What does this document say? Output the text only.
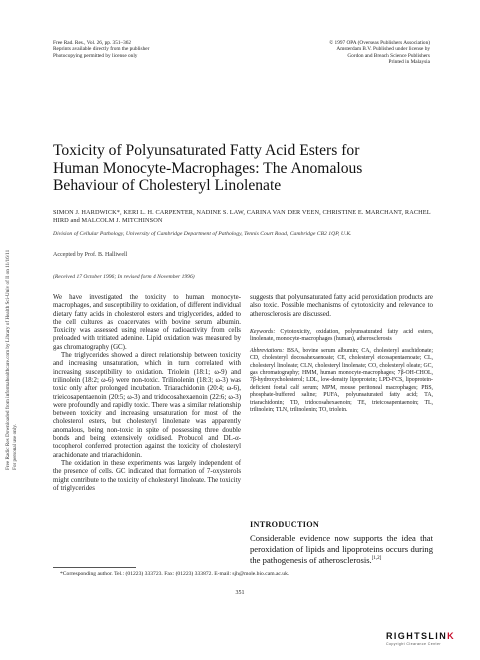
Free Radic Res Downloaded from informahealthcare.com by Library of Health Sci-Univ of Il on 11/16/11 For personal use only.
Free Rad. Res., Vol. 26, pp. 351–362
Reprints available directly from the publisher
Photocopying permitted by license only
© 1997 OPA (Overseas Publishers Association)
Amsterdam B.V. Published under license by
Gordon and Breach Science Publishers
Printed in Malaysia
Toxicity of Polyunsaturated Fatty Acid Esters for
Human Monocyte-Macrophages: The Anomalous
Behaviour of Cholesteryl Linolenate
SIMON J. HARDWICK*, KERI L. H. CARPENTER, NADINE S. LAW, CARINA VAN DER VEEN, CHRISTINE E. MARCHANT, RACHEL HIRD and MALCOLM J. MITCHINSON
Division of Cellular Pathology, University of Cambridge Department of Pathology, Tennis Court Road, Cambridge CB2 1QP, U.K.
Accepted by Prof. B. Halliwell
(Received 17 October 1996; In revised form 4 November 1996)

We have investigated the toxicity to human monocyte-macrophages, and susceptibility to oxidation, of different individual dietary fatty acids in cholesterol esters and triglycerides, added to the cell cultures as coacervates with bovine serum albumin. Toxicity was assessed using release of radioactivity from cells preloaded with tritiated adenine. Lipid oxidation was measured by gas chromatography (GC).

The triglycerides showed a direct relationship between toxicity and increasing unsaturation, which in turn correlated with increasing susceptibility to oxidation. Triolein (18:1; ω-9) and trilinolein (18:2; ω-6) were non-toxic. Trilinolenin (18:3; ω-3) was toxic only after prolonged incubation. Triarachidonin (20:4; ω-6), trieicosapentaenoin (20:5; ω-3) and tridocosahexaenoin (22:6; ω-3) were profoundly and rapidly toxic. There was a similar relationship between toxicity and increasing unsaturation for most of the cholesterol esters, but cholesteryl linolenate was apparently anomalous, being non-toxic in spite of possessing three double bonds and being extensively oxidised. Probucol and DL-α-tocopherol conferred protection against the toxicity of cholesteryl arachidonate and triarachidonin.

The oxidation in these experiments was largely independent of the presence of cells. GC indicated that formation of 7-oxysterols might contribute to the toxicity of cholesteryl linoleate. The toxicity of triglycerides

suggests that polyunsaturated fatty acid peroxidation products are also toxic. Possible mechanisms of cytotoxicity and relevance to atherosclerosis are discussed.

Keywords: Cytotoxicity, oxidation, polyunsaturated fatty acid esters, linolenate, monocyte-macrophages (human), atherosclerosis

Abbreviations: BSA, bovine serum albumin; CA, cholesteryl arachidonate; CD, cholesteryl docosahexaenoate; CE, cholesteryl eicosapentaenoate; CL, cholesteryl linoleate; CLN, cholesteryl linolenate; CO, cholesteryl oleate; GC, gas chromatography; HMM, human monocyte-macrophages; 7β-OH-CHOL, 7β-hydroxycholesterol; LDL, low-density lipoprotein; LPD-FCS, lipoprotein-deficient foetal calf serum; MPM, mouse peritoneal macrophages; PBS, phosphate-buffered saline; PUFA, polyunsaturated fatty acid; TA, triarachidonin; TD, tridocosahexaenoin; TE, trieicosapentaenoin; TL, trilinolein; TLN, trilinolenin; TO, triolein.

INTRODUCTION

Considerable evidence now supports the idea that peroxidation of lipids and lipoproteins occurs during the pathogenesis of atherosclerosis.[1,2]

*Corresponding author. Tel.: (01223) 333723. Fax: (01223) 333872. E-mail: sjh@mole.bio.cam.ac.uk.
351
RIGHTSLINK
Copyright Clearance Center
